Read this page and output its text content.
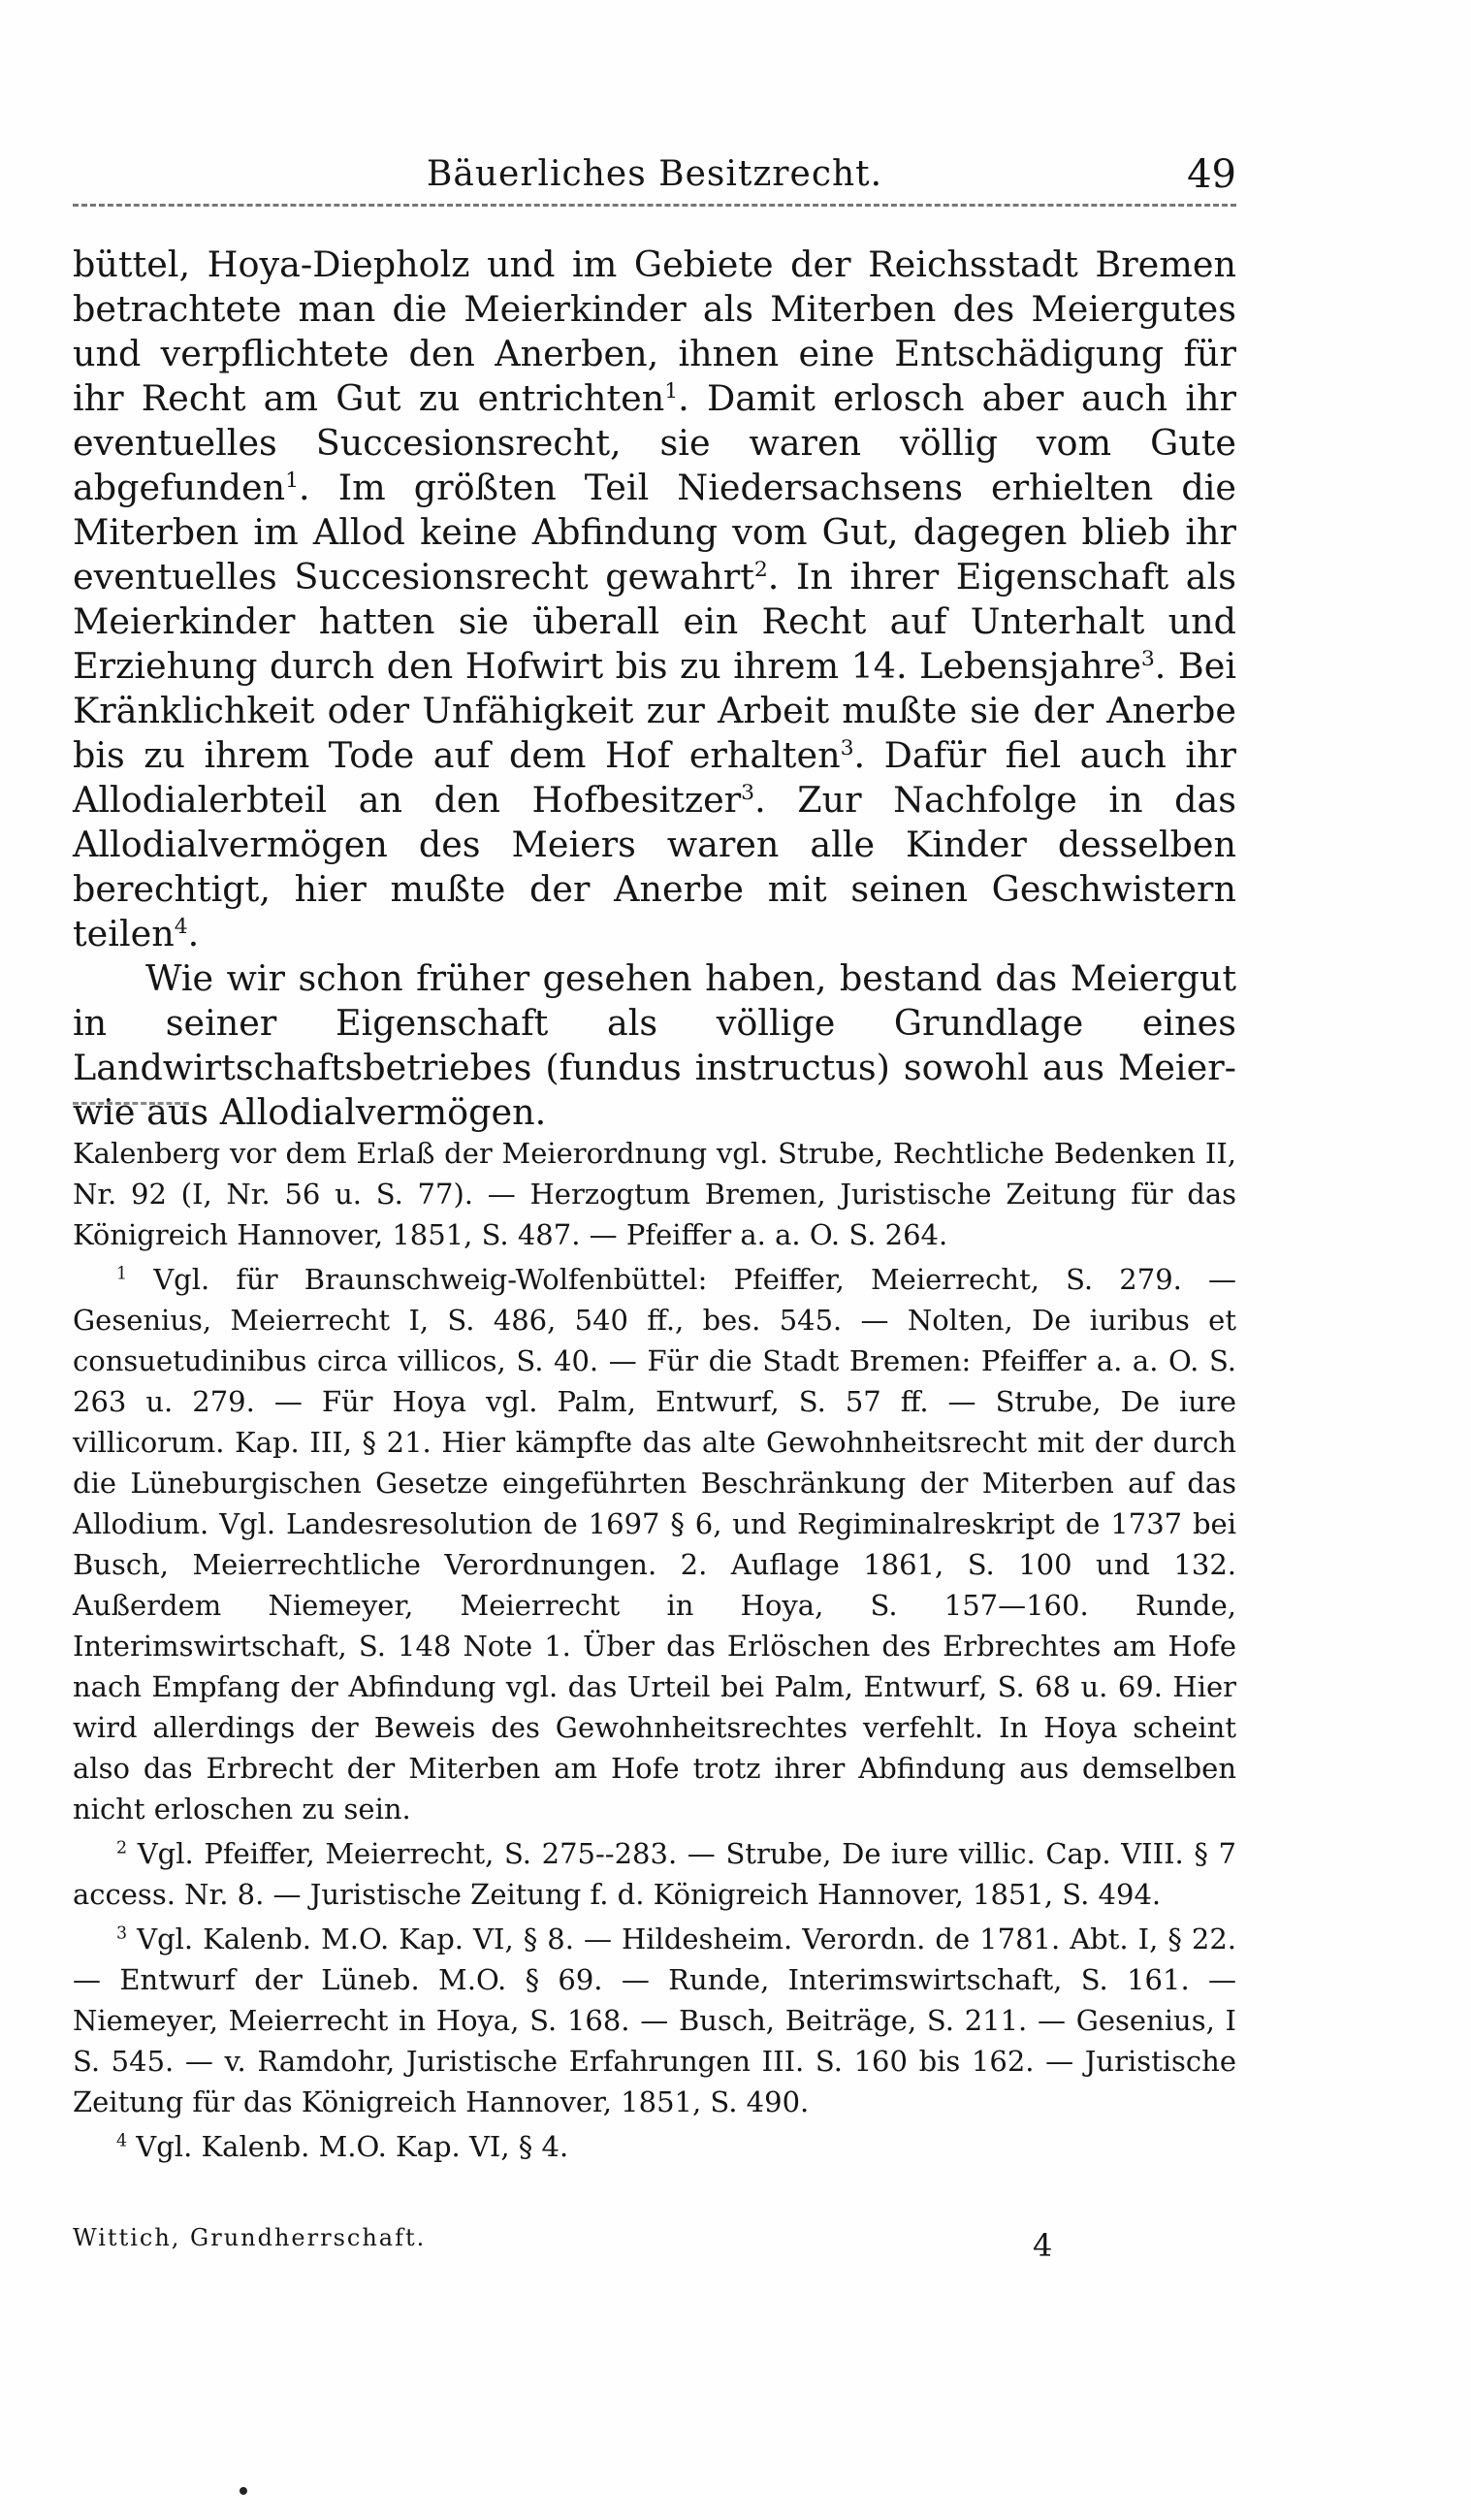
Bäuerliches Besitzrecht.	49

büttel, Hoya-Diepholz und im Gebiete der Reichsstadt Bremen betrachtete man die Meierkinder als Miterben des Meiergutes und verpflichtete den Anerben, ihnen eine Entschädigung für ihr Recht am Gut zu entrichten$^1$. Damit erlosch aber auch ihr eventuelles Succesionsrecht, sie waren völlig vom Gute abgefunden$^1$. Im größten Teil Niedersachsens erhielten die Miterben im Allod keine Abfindung vom Gut, dagegen blieb ihr eventuelles Succesionsrecht gewahrt$^2$. In ihrer Eigenschaft als Meierkinder hatten sie überall ein Recht auf Unterhalt und Erziehung durch den Hofwirt bis zu ihrem 14. Lebensjahre$^3$. Bei Kränklichkeit oder Unfähigkeit zur Arbeit mußte sie der Anerbe bis zu ihrem Tode auf dem Hof erhalten$^3$. Dafür fiel auch ihr Allodialerbteil an den Hofbesitzer$^3$. Zur Nachfolge in das Allodialvermögen des Meiers waren alle Kinder desselben berechtigt, hier mußte der Anerbe mit seinen Geschwistern teilen$^4$.

Wie wir schon früher gesehen haben, bestand das Meiergut in seiner Eigenschaft als völlige Grundlage eines Landwirtschaftsbetriebes (fundus instructus) sowohl aus Meier- wie aus Allodialvermögen.

Kalenberg vor dem Erlaß der Meierordnung vgl. Strube, Rechtliche Bedenken II, Nr. 92 (I, Nr. 56 u. S. 77). — Herzogtum Bremen, Juristische Zeitung für das Königreich Hannover, 1851, S. 487. — Pfeiffer a. a. O. S. 264.

$^1$ Vgl. für Braunschweig-Wolfenbüttel: Pfeiffer, Meierrecht, S. 279. — Gesenius, Meierrecht I, S. 486, 540 ff., bes. 545. — Nolten, De iuribus et consuetudinibus circa villicos, S. 40. — Für die Stadt Bremen: Pfeiffer a. a. O. S. 263 u. 279. — Für Hoya vgl. Palm, Entwurf, S. 57 ff. — Strube, De iure villicorum. Kap. III, § 21. Hier kämpfte das alte Gewohnheitsrecht mit der durch die Lüneburgischen Gesetze eingeführten Beschränkung der Miterben auf das Allodium. Vgl. Landesresolution de 1697 § 6, und Regiminalreskript de 1737 bei Busch, Meierrechtliche Verordnungen. 2. Auflage 1861, S. 100 und 132. Außerdem Niemeyer, Meierrecht in Hoya, S. 157—160. Runde, Interimswirtschaft, S. 148 Note 1. Über das Erlöschen des Erbrechtes am Hofe nach Empfang der Abfindung vgl. das Urteil bei Palm, Entwurf, S. 68 u. 69. Hier wird allerdings der Beweis des Gewohnheitsrechtes verfehlt. In Hoya scheint also das Erbrecht der Miterben am Hofe trotz ihrer Abfindung aus demselben nicht erloschen zu sein.

$^2$ Vgl. Pfeiffer, Meierrecht, S. 275--283. — Strube, De iure villic. Cap. VIII. § 7 access. Nr. 8. — Juristische Zeitung f. d. Königreich Hannover, 1851, S. 494.

$^3$ Vgl. Kalenb. M.O. Kap. VI, § 8. — Hildesheim. Verordn. de 1781. Abt. I, § 22. — Entwurf der Lüneb. M.O. § 69. — Runde, Interimswirtschaft, S. 161. — Niemeyer, Meierrecht in Hoya, S. 168. — Busch, Beiträge, S. 211. — Gesenius, I S. 545. — v. Ramdohr, Juristische Erfahrungen III. S. 160 bis 162. — Juristische Zeitung für das Königreich Hannover, 1851, S. 490.

$^4$ Vgl. Kalenb. M.O. Kap. VI, § 4.

Wittich, Grundherrschaft.	4
